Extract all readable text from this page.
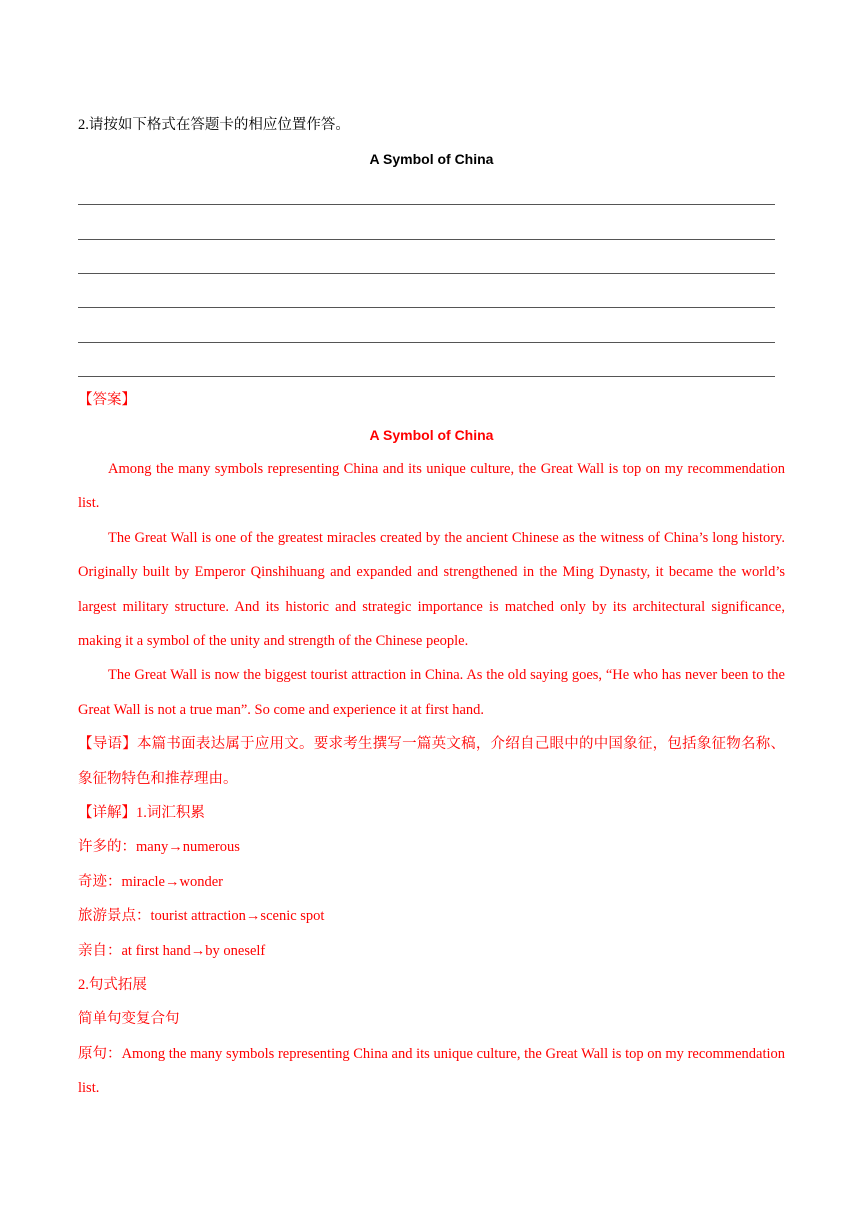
2.请按如下格式在答题卡的相应位置作答。
A Symbol of China
【答案】
A Symbol of China
Among the many symbols representing China and its unique culture, the Great Wall is top on my recommendation list.
The Great Wall is one of the greatest miracles created by the ancient Chinese as the witness of China’s long history. Originally built by Emperor Qinshihuang and expanded and strengthened in the Ming Dynasty, it became the world’s largest military structure. And its historic and strategic importance is matched only by its architectural significance, making it a symbol of the unity and strength of the Chinese people.
The Great Wall is now the biggest tourist attraction in China. As the old saying goes, “He who has never been to the Great Wall is not a true man”. So come and experience it at first hand.
【导语】本篇书面表达属于应用文。要求考生撰写一篇英文稿，介绍自己眼中的中国象征，包括象征物名称、象征物特色和推荐理由。
【详解】1.词汇积累
许多的：many→numerous
奇迹：miracle→wonder
旅游景点：tourist attraction→scenic spot
亲自：at first hand→by oneself
2.句式拓展
简单句变复合句
原句：Among the many symbols representing China and its unique culture, the Great Wall is top on my recommendation list.
